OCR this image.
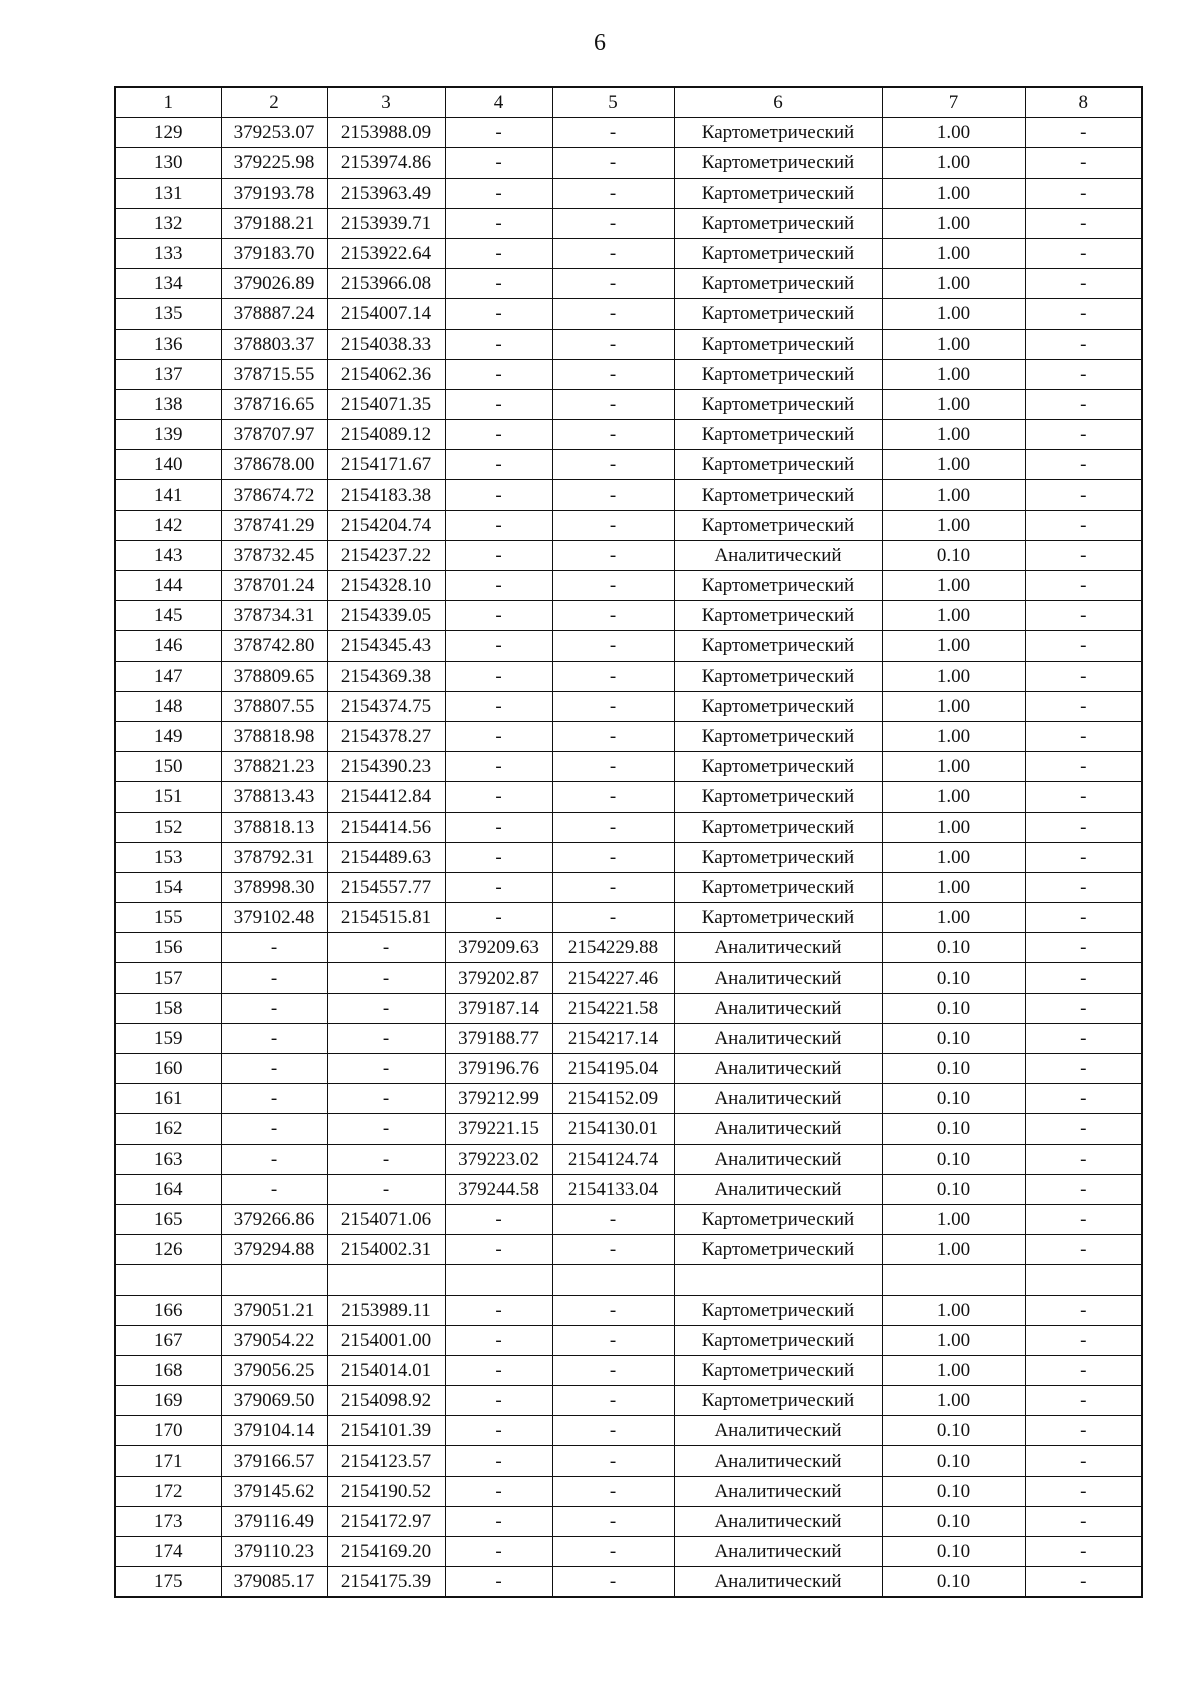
6
1	2	3	4	5	6	7	8
129	379253.07	2153988.09	-	-	Картометрический	1.00	-
130	379225.98	2153974.86	-	-	Картометрический	1.00	-
131	379193.78	2153963.49	-	-	Картометрический	1.00	-
132	379188.21	2153939.71	-	-	Картометрический	1.00	-
133	379183.70	2153922.64	-	-	Картометрический	1.00	-
134	379026.89	2153966.08	-	-	Картометрический	1.00	-
135	378887.24	2154007.14	-	-	Картометрический	1.00	-
136	378803.37	2154038.33	-	-	Картометрический	1.00	-
137	378715.55	2154062.36	-	-	Картометрический	1.00	-
138	378716.65	2154071.35	-	-	Картометрический	1.00	-
139	378707.97	2154089.12	-	-	Картометрический	1.00	-
140	378678.00	2154171.67	-	-	Картометрический	1.00	-
141	378674.72	2154183.38	-	-	Картометрический	1.00	-
142	378741.29	2154204.74	-	-	Картометрический	1.00	-
143	378732.45	2154237.22	-	-	Аналитический	0.10	-
144	378701.24	2154328.10	-	-	Картометрический	1.00	-
145	378734.31	2154339.05	-	-	Картометрический	1.00	-
146	378742.80	2154345.43	-	-	Картометрический	1.00	-
147	378809.65	2154369.38	-	-	Картометрический	1.00	-
148	378807.55	2154374.75	-	-	Картометрический	1.00	-
149	378818.98	2154378.27	-	-	Картометрический	1.00	-
150	378821.23	2154390.23	-	-	Картометрический	1.00	-
151	378813.43	2154412.84	-	-	Картометрический	1.00	-
152	378818.13	2154414.56	-	-	Картометрический	1.00	-
153	378792.31	2154489.63	-	-	Картометрический	1.00	-
154	378998.30	2154557.77	-	-	Картометрический	1.00	-
155	379102.48	2154515.81	-	-	Картометрический	1.00	-
156	-	-	379209.63	2154229.88	Аналитический	0.10	-
157	-	-	379202.87	2154227.46	Аналитический	0.10	-
158	-	-	379187.14	2154221.58	Аналитический	0.10	-
159	-	-	379188.77	2154217.14	Аналитический	0.10	-
160	-	-	379196.76	2154195.04	Аналитический	0.10	-
161	-	-	379212.99	2154152.09	Аналитический	0.10	-
162	-	-	379221.15	2154130.01	Аналитический	0.10	-
163	-	-	379223.02	2154124.74	Аналитический	0.10	-
164	-	-	379244.58	2154133.04	Аналитический	0.10	-
165	379266.86	2154071.06	-	-	Картометрический	1.00	-
126	379294.88	2154002.31	-	-	Картометрический	1.00	-

166	379051.21	2153989.11	-	-	Картометрический	1.00	-
167	379054.22	2154001.00	-	-	Картометрический	1.00	-
168	379056.25	2154014.01	-	-	Картометрический	1.00	-
169	379069.50	2154098.92	-	-	Картометрический	1.00	-
170	379104.14	2154101.39	-	-	Аналитический	0.10	-
171	379166.57	2154123.57	-	-	Аналитический	0.10	-
172	379145.62	2154190.52	-	-	Аналитический	0.10	-
173	379116.49	2154172.97	-	-	Аналитический	0.10	-
174	379110.23	2154169.20	-	-	Аналитический	0.10	-
175	379085.17	2154175.39	-	-	Аналитический	0.10	-
